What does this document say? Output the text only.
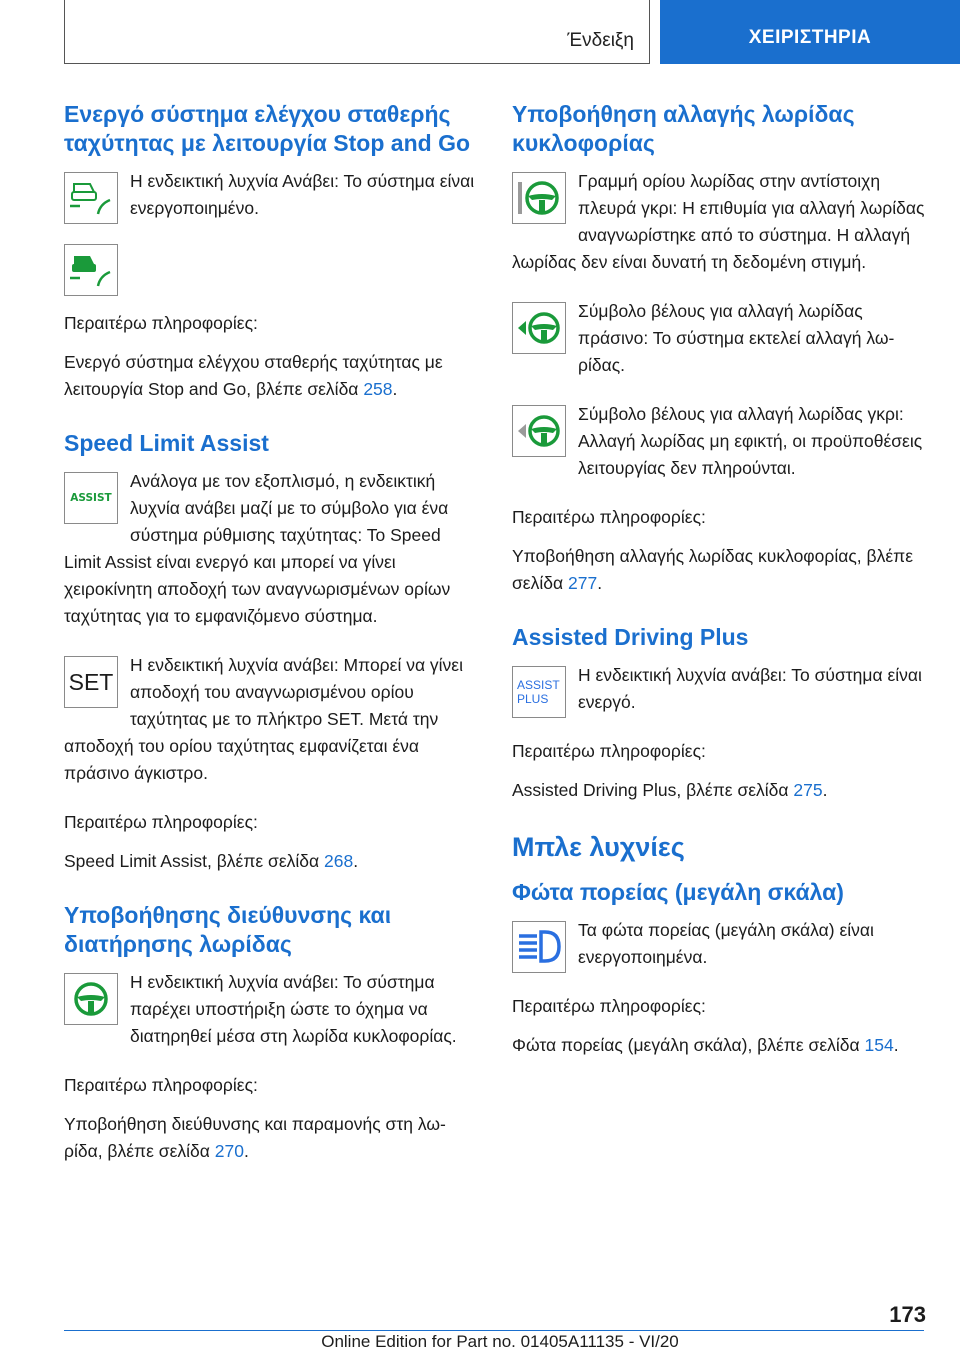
Ένδειξη	ΧΕΙΡΙΣΤΗΡΙΑ
Ενεργό σύστημα ελέγχου σταθερής ταχύτητας με λειτουργία Stop and Go
Η ενδεικτική λυχνία Ανάβει: Το σύστημα είναι ενεργοποιημένο.
Περαιτέρω πληροφορίες:
Ενεργό σύστημα ελέγχου σταθερής ταχύτητας με λειτουργία Stop and Go, βλέπε σελίδα 258.
Speed Limit Assist
ASSIST
Ανάλογα με τον εξοπλισμό, η ενδεικτική λυχνία ανάβει μαζί με το σύμβολο για ένα σύστημα ρύθμισης ταχύτητας: Το Speed Limit Assist είναι ενεργό και μπορεί να γίνει χειροκίνητη αποδοχή των αναγνωρισμένων ορίων ταχύτητας για το εμφανιζόμενο σύστημα.
SET
Η ενδεικτική λυχνία ανάβει: Μπορεί να γίνει αποδοχή του αναγνωρισμένου ορίου ταχύτητας με το πλήκτρο SET. Μετά την αποδοχή του ορίου ταχύτητας εμφανίζεται ένα πράσινο άγκιστρο.
Περαιτέρω πληροφορίες:
Speed Limit Assist, βλέπε σελίδα 268.
Υποβοήθησης διεύθυνσης και διατήρησης λωρίδας
Η ενδεικτική λυχνία ανάβει: Το σύστημα παρέχει υποστήριξη ώστε το όχημα να διατηρηθεί μέσα στη λωρίδα κυκλοφορίας.
Περαιτέρω πληροφορίες:
Υποβοήθηση διεύθυνσης και παραμονής στη λωρίδα, βλέπε σελίδα 270.
Υποβοήθηση αλλαγής λωρίδας κυκλοφορίας
Γραμμή ορίου λωρίδας στην αντίστοιχη πλευρά γκρι: Η επιθυμία για αλλαγή λωρίδας αναγνωρίστηκε από το σύστημα. Η αλλαγή λωρίδας δεν είναι δυνατή τη δεδομένη στιγμή.
Σύμβολο βέλους για αλλαγή λωρίδας πράσινο: Το σύστημα εκτελεί αλλαγή λωρίδας.
Σύμβολο βέλους για αλλαγή λωρίδας γκρι: Αλλαγή λωρίδας μη εφικτή, οι προϋποθέσεις λειτουργίας δεν πληρούνται.
Περαιτέρω πληροφορίες:
Υποβοήθηση αλλαγής λωρίδας κυκλοφορίας, βλέπε σελίδα 277.
Assisted Driving Plus
ASSIST
PLUS
Η ενδεικτική λυχνία ανάβει: Το σύστημα είναι ενεργό.
Περαιτέρω πληροφορίες:
Assisted Driving Plus, βλέπε σελίδα 275.
Μπλε λυχνίες
Φώτα πορείας (μεγάλη σκάλα)
Τα φώτα πορείας (μεγάλη σκάλα) είναι ενεργοποιημένα.
Περαιτέρω πληροφορίες:
Φώτα πορείας (μεγάλη σκάλα), βλέπε σελίδα 154.
173
Online Edition for Part no. 01405A11135 - VI/20
